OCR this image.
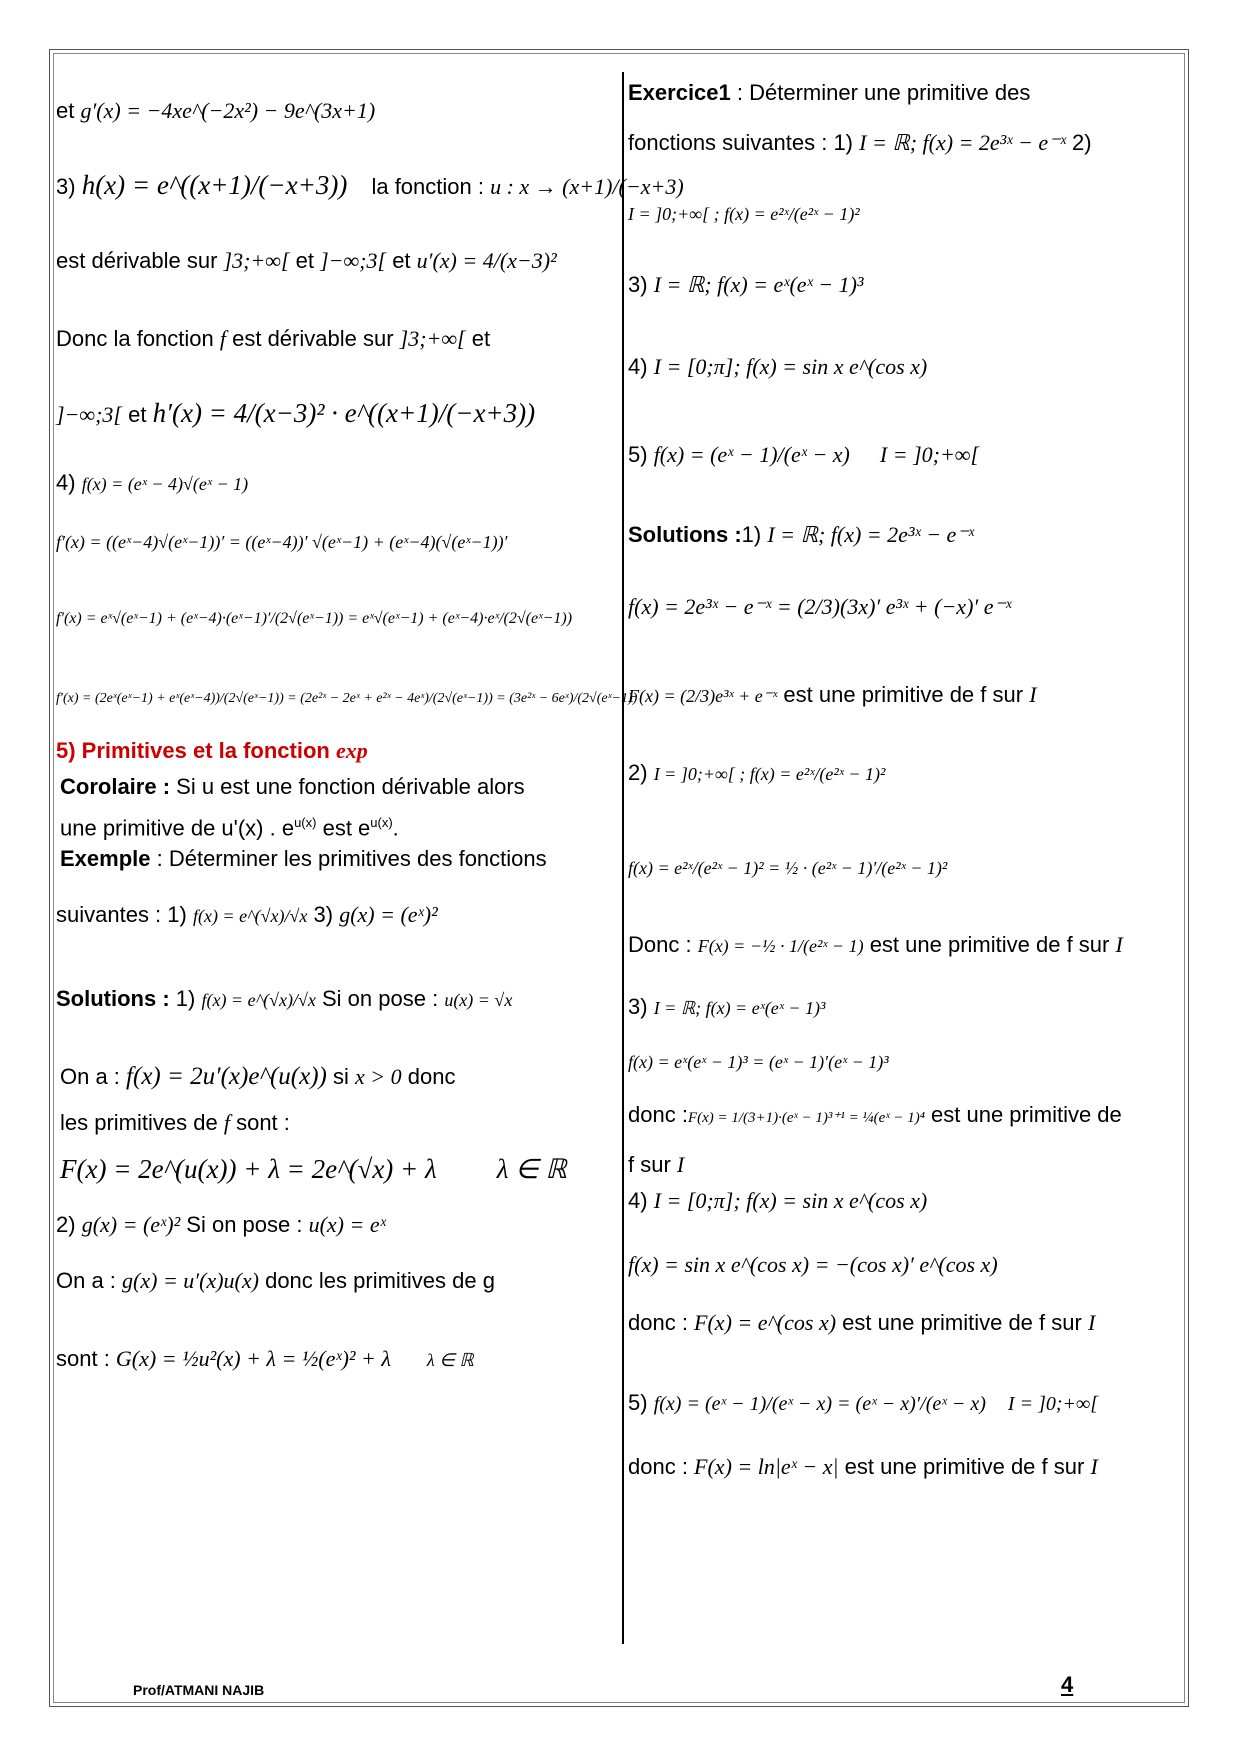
et g′(x) = −4xe^(−2x²) − 9e^(3x+1)
3) h(x) = e^((x+1)/(−x+3)) la fonction : u : x → (x+1)/(−x+3)
est dérivable sur ]3;+∞[ et ]−∞;3[ et u′(x) = 4/(x−3)²
Donc la fonction f est dérivable sur ]3;+∞[ et
]−∞;3[ et h′(x) = 4/(x−3)² · e^((x+1)/(−x+3))
4) f(x) = (eˣ − 4)√(eˣ − 1)
f′(x) = ((eˣ−4)√(eˣ−1))′ = ((eˣ−4))′ √(eˣ−1) + (eˣ−4)(√(eˣ−1))′
f′(x) = eˣ√(eˣ−1) + (eˣ−4)·(eˣ−1)′/(2√(eˣ−1)) = eˣ√(eˣ−1) + (eˣ−4)·eˣ/(2√(eˣ−1))
f′(x) = (2eˣ(eˣ−1) + eˣ(eˣ−4))/(2√(eˣ−1)) = (2e²ˣ − 2eˣ + e²ˣ − 4eˣ)/(2√(eˣ−1)) = (3e²ˣ − 6eˣ)/(2√(eˣ−1))
5) Primitives et la fonction exp
Corolaire : Si u est une fonction dérivable alors
une primitive de u'(x) . $e^{u(x)}$ est $e^{u(x)}$.
Exemple : Déterminer les primitives des fonctions
suivantes : 1) f(x) = e^(√x)/√x 3) g(x) = (eˣ)²
Solutions : 1) f(x) = e^(√x)/√x Si on pose : u(x) = √x
On a : f(x) = 2u′(x)e^(u(x)) si x > 0 donc
les primitives de f sont :
F(x) = 2e^(u(x)) + λ = 2e^(√x) + λ λ ∈ ℝ
2) g(x) = (eˣ)² Si on pose : u(x) = eˣ
On a : g(x) = u′(x)u(x) donc les primitives de g
sont : G(x) = ½u²(x) + λ = ½(eˣ)² + λ λ ∈ ℝ
Exercice1 : Déterminer une primitive des
fonctions suivantes : 1) I = ℝ; f(x) = 2e³ˣ − e⁻ˣ 2)
I = ]0;+∞[ ; f(x) = e²ˣ/(e²ˣ − 1)²
3) I = ℝ; f(x) = eˣ(eˣ − 1)³
4) I = [0;π]; f(x) = sin x e^(cos x)
5) f(x) = (eˣ − 1)/(eˣ − x) I = ]0;+∞[
Solutions :1) I = ℝ; f(x) = 2e³ˣ − e⁻ˣ
f(x) = 2e³ˣ − e⁻ˣ = (2/3)(3x)′ e³ˣ + (−x)′ e⁻ˣ
F(x) = (2/3)e³ˣ + e⁻ˣ est une primitive de f sur I
2) I = ]0;+∞[ ; f(x) = e²ˣ/(e²ˣ − 1)²
f(x) = e²ˣ/(e²ˣ − 1)² = ½ · (e²ˣ − 1)′/(e²ˣ − 1)²
Donc : F(x) = −½ · 1/(e²ˣ − 1) est une primitive de f sur I
3) I = ℝ; f(x) = eˣ(eˣ − 1)³
f(x) = eˣ(eˣ − 1)³ = (eˣ − 1)′(eˣ − 1)³
donc :F(x) = 1/(3+1)·(eˣ − 1)³⁺¹ = ¼(eˣ − 1)⁴ est une primitive de
f sur I
4) I = [0;π]; f(x) = sin x e^(cos x)
f(x) = sin x e^(cos x) = −(cos x)′ e^(cos x)
donc : F(x) = e^(cos x) est une primitive de f sur I
5) f(x) = (eˣ − 1)/(eˣ − x) = (eˣ − x)′/(eˣ − x) I = ]0;+∞[
donc : F(x) = ln|eˣ − x| est une primitive de f sur I
Prof/ATMANI NAJIB	4
